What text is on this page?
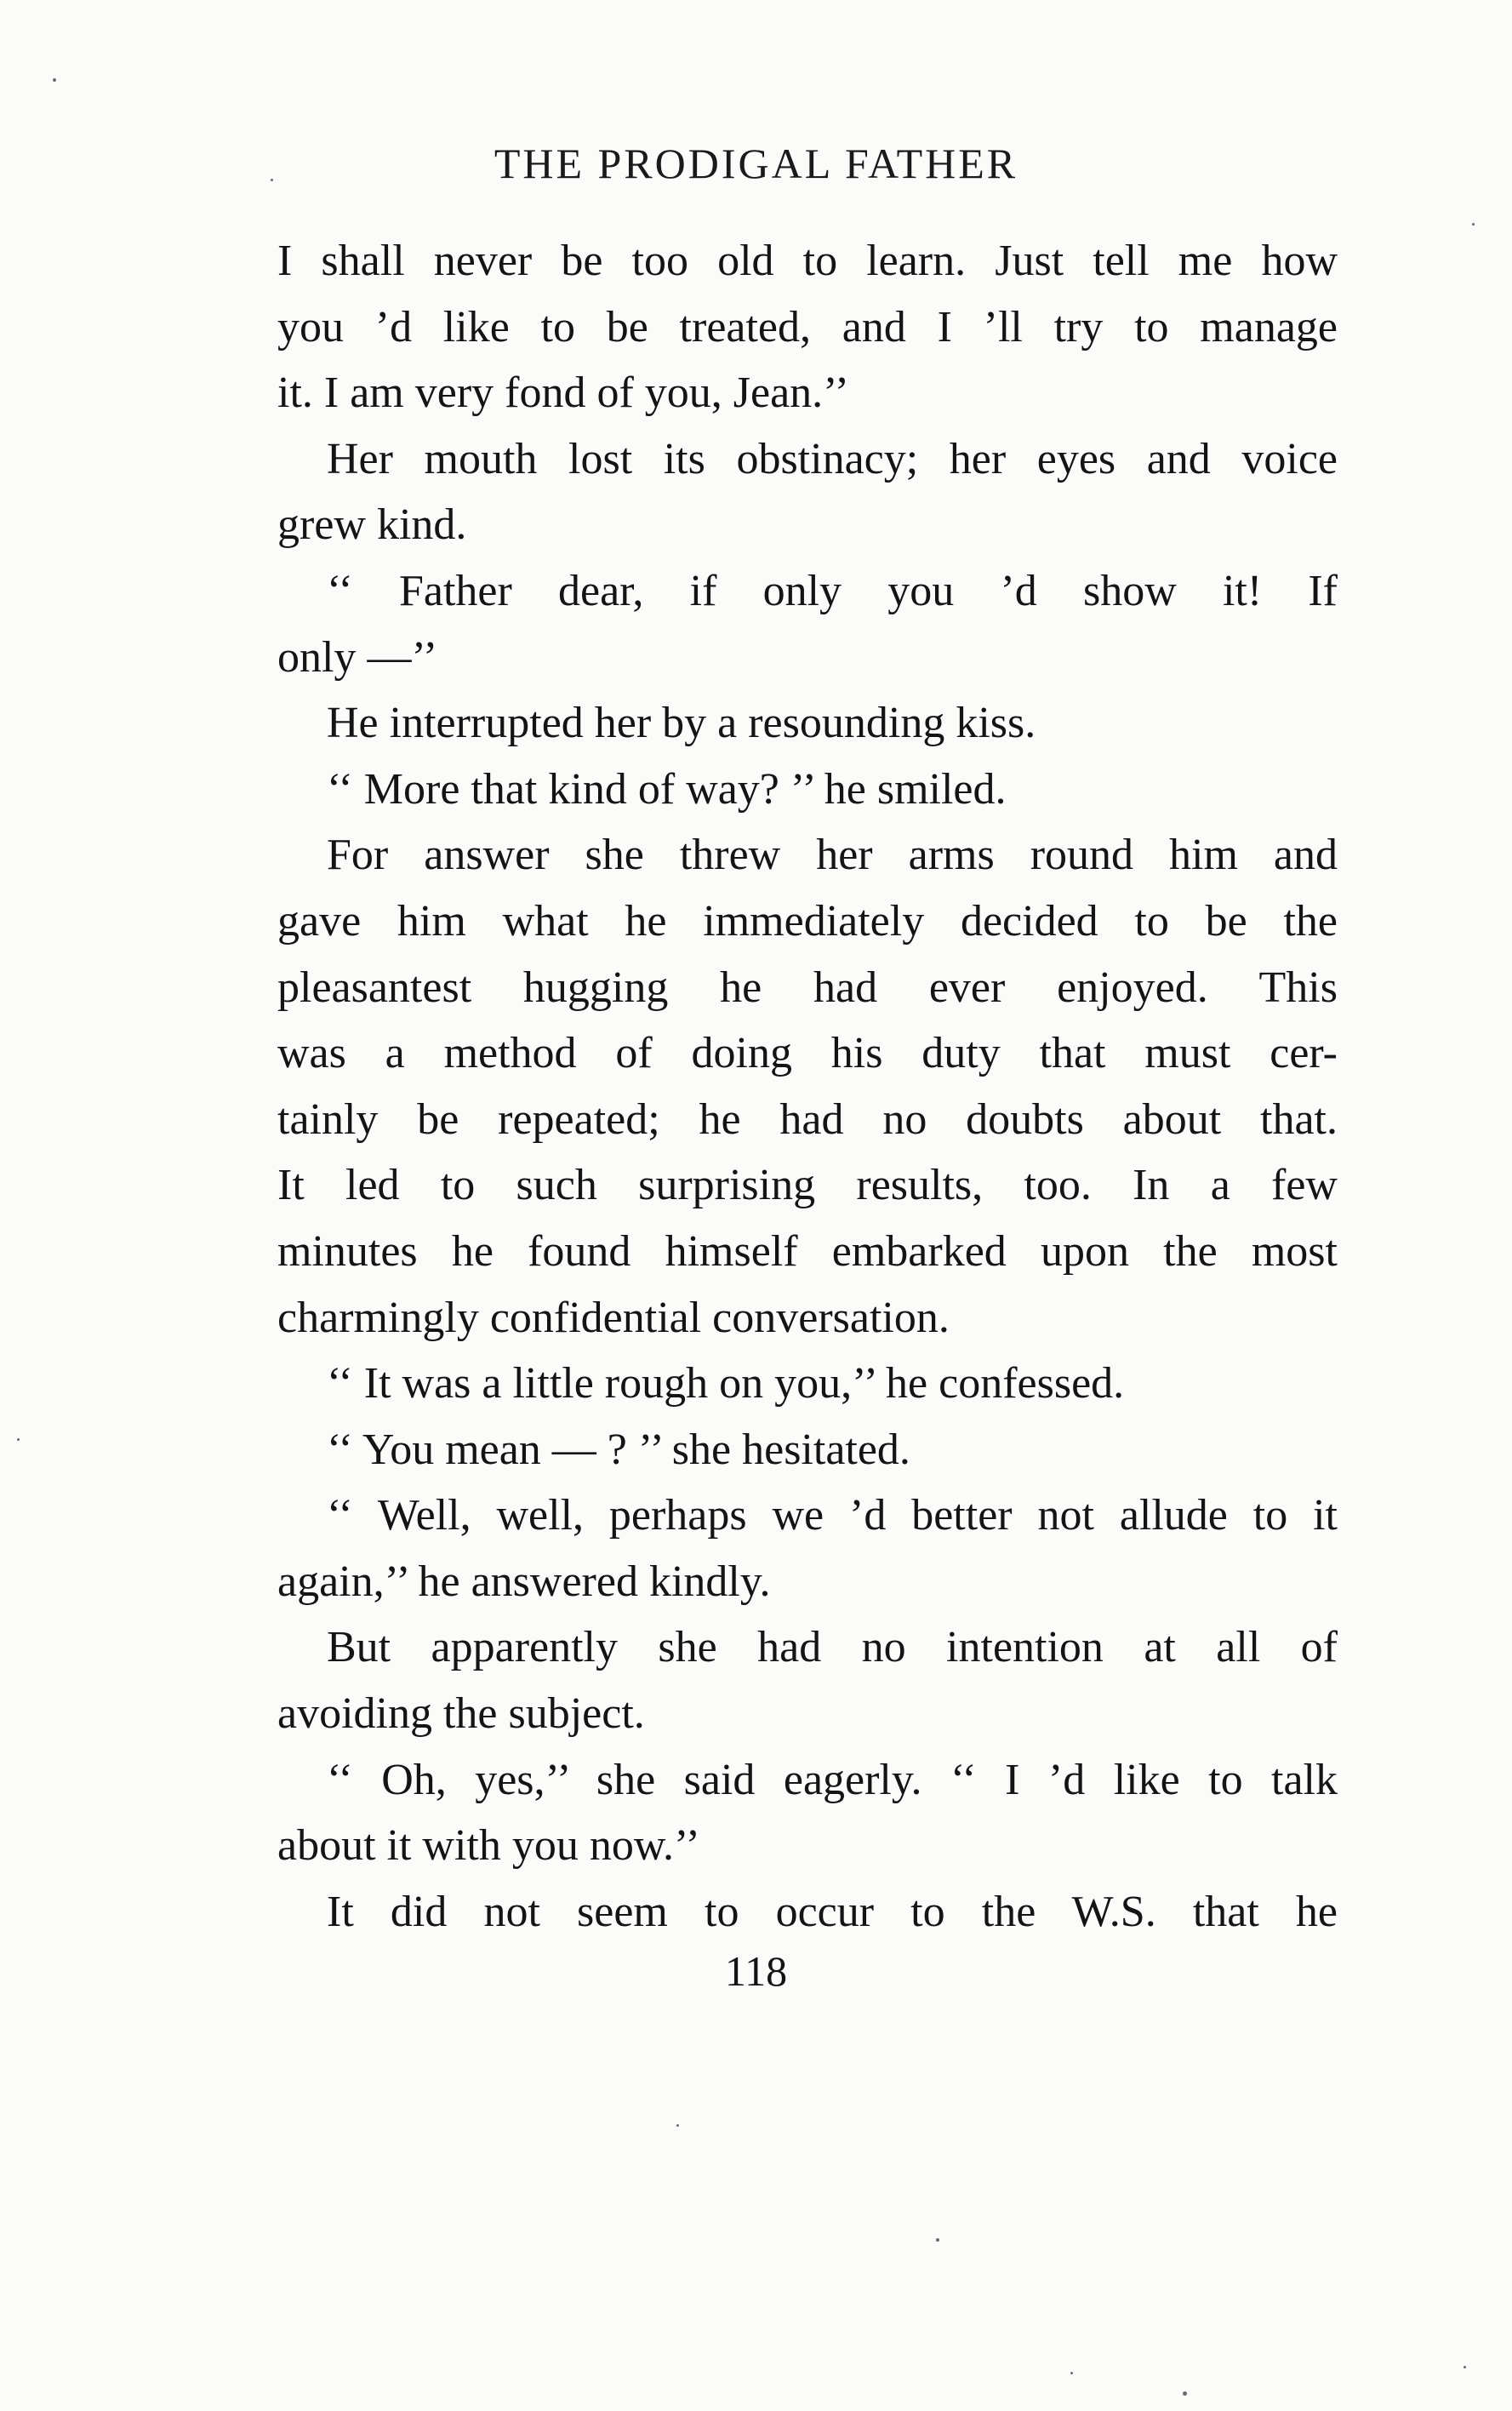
THE PRODIGAL FATHER
I shall never be too old to learn. Just tell me how
you ’d like to be treated, and I ’ll try to manage
it. I am very fond of you, Jean.’’
Her mouth lost its obstinacy; her eyes and voice
grew kind.
‘‘ Father dear, if only you ’d show it! If
only —’’
He interrupted her by a resounding kiss.
‘‘ More that kind of way? ’’ he smiled.
For answer she threw her arms round him and
gave him what he immediately decided to be the
pleasantest hugging he had ever enjoyed. This
was a method of doing his duty that must cer-
tainly be repeated; he had no doubts about that.
It led to such surprising results, too. In a few
minutes he found himself embarked upon the most
charmingly confidential conversation.
‘‘ It was a little rough on you,’’ he confessed.
‘‘ You mean — ? ’’ she hesitated.
‘‘ Well, well, perhaps we ’d better not allude to it
again,’’ he answered kindly.
But apparently she had no intention at all of
avoiding the subject.
‘‘ Oh, yes,’’ she said eagerly. ‘‘ I ’d like to talk
about it with you now.’’
It did not seem to occur to the W.S. that he
118
